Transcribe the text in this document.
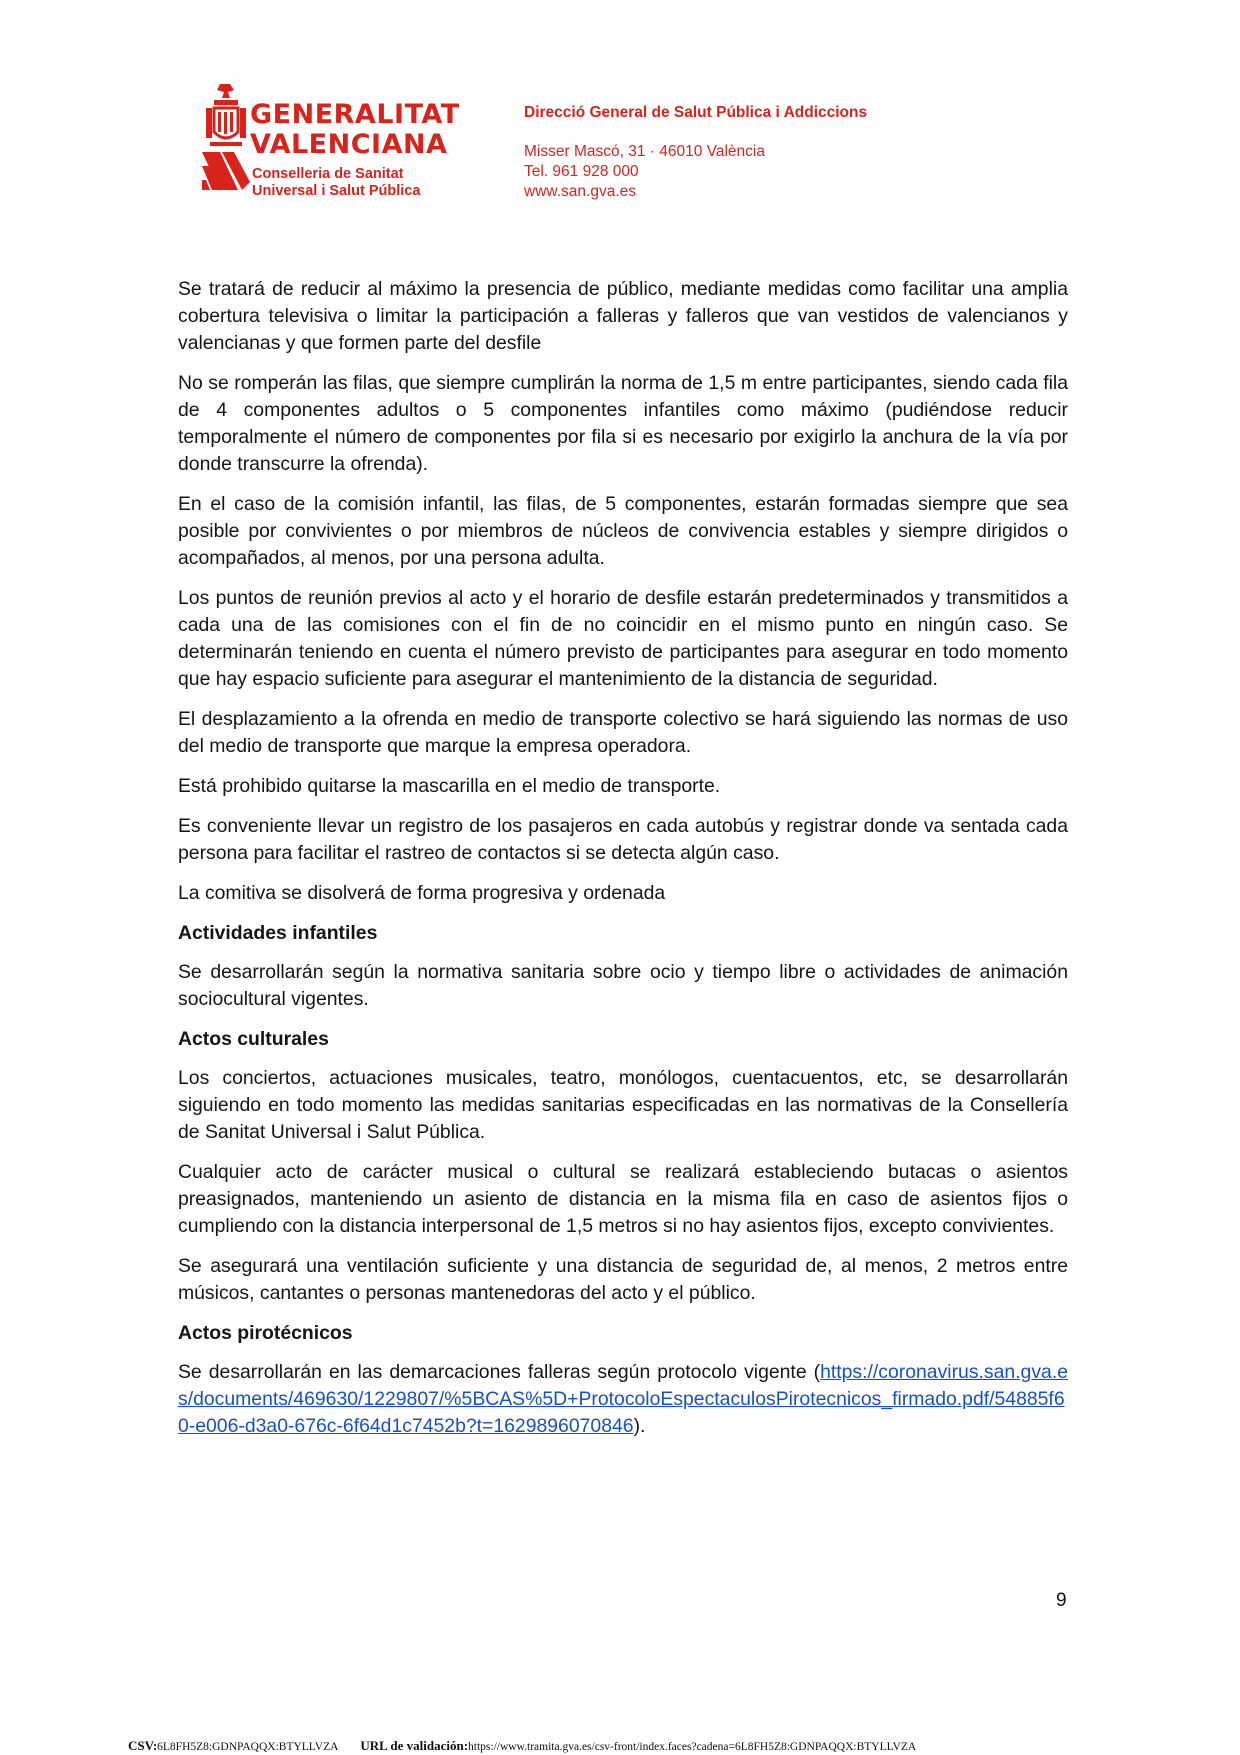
GENERALITAT
VALENCIANA
Conselleria de Sanitat
Universal i Salut Pública
Direcció General de Salut Pública i Addiccions
Misser Mascó, 31 · 46010 València
Tel. 961 928 000
www.san.gva.es

Se tratará de reducir al máximo la presencia de público, mediante medidas como facilitar una amplia cobertura televisiva o limitar la participación a falleras y falleros que van vestidos de valencianos y valencianas y que formen parte del desfile

No se romperán las filas, que siempre cumplirán la norma de 1,5 m entre participantes, siendo cada fila de 4 componentes adultos o 5 componentes infantiles como máximo (pudiéndose reducir temporalmente el número de componentes por fila si es necesario por exigirlo la anchura de la vía por donde transcurre la ofrenda).

En el caso de la comisión infantil, las filas, de 5 componentes, estarán formadas siempre que sea posible por convivientes o por miembros de núcleos de convivencia estables y siempre dirigidos o acompañados, al menos, por una persona adulta.

Los puntos de reunión previos al acto y el horario de desfile estarán predeterminados y transmitidos a cada una de las comisiones con el fin de no coincidir en el mismo punto en ningún caso. Se determinarán teniendo en cuenta el número previsto de participantes para asegurar en todo momento que hay espacio suficiente para asegurar el mantenimiento de la distancia de seguridad.

El desplazamiento a la ofrenda en medio de transporte colectivo se hará siguiendo las normas de uso del medio de transporte que marque la empresa operadora.

Está prohibido quitarse la mascarilla en el medio de transporte.

Es conveniente llevar un registro de los pasajeros en cada autobús y registrar donde va sentada cada persona para facilitar el rastreo de contactos si se detecta algún caso.

La comitiva se disolverá de forma progresiva y ordenada

Actividades infantiles

Se desarrollarán según la normativa sanitaria sobre ocio y tiempo libre o actividades de animación sociocultural vigentes.

Actos culturales

Los conciertos, actuaciones musicales, teatro, monólogos, cuentacuentos, etc, se desarrollarán siguiendo en todo momento las medidas sanitarias especificadas en las normativas de la Consellería de Sanitat Universal i Salut Pública.

Cualquier acto de carácter musical o cultural se realizará estableciendo butacas o asientos preasignados, manteniendo un asiento de distancia en la misma fila en caso de asientos fijos o cumpliendo con la distancia interpersonal de 1,5 metros si no hay asientos fijos, excepto convivientes.

Se asegurará una ventilación suficiente y una distancia de seguridad de, al menos, 2 metros entre músicos, cantantes o personas mantenedoras del acto y el público.

Actos pirotécnicos

Se desarrollarán en las demarcaciones falleras según protocolo vigente (https://coronavirus.san.gva.es/documents/469630/1229807/%5BCAS%5D+ProtocoloEspectaculosPirotecnicos_firmado.pdf/54885f60-e006-d3a0-676c-6f64d1c7452b?t=1629896070846).

9
CSV:6L8FH5Z8:GDNPAQQX:BTYLLVZA URL de validación:https://www.tramita.gva.es/csv-front/index.faces?cadena=6L8FH5Z8:GDNPAQQX:BTYLLVZA
